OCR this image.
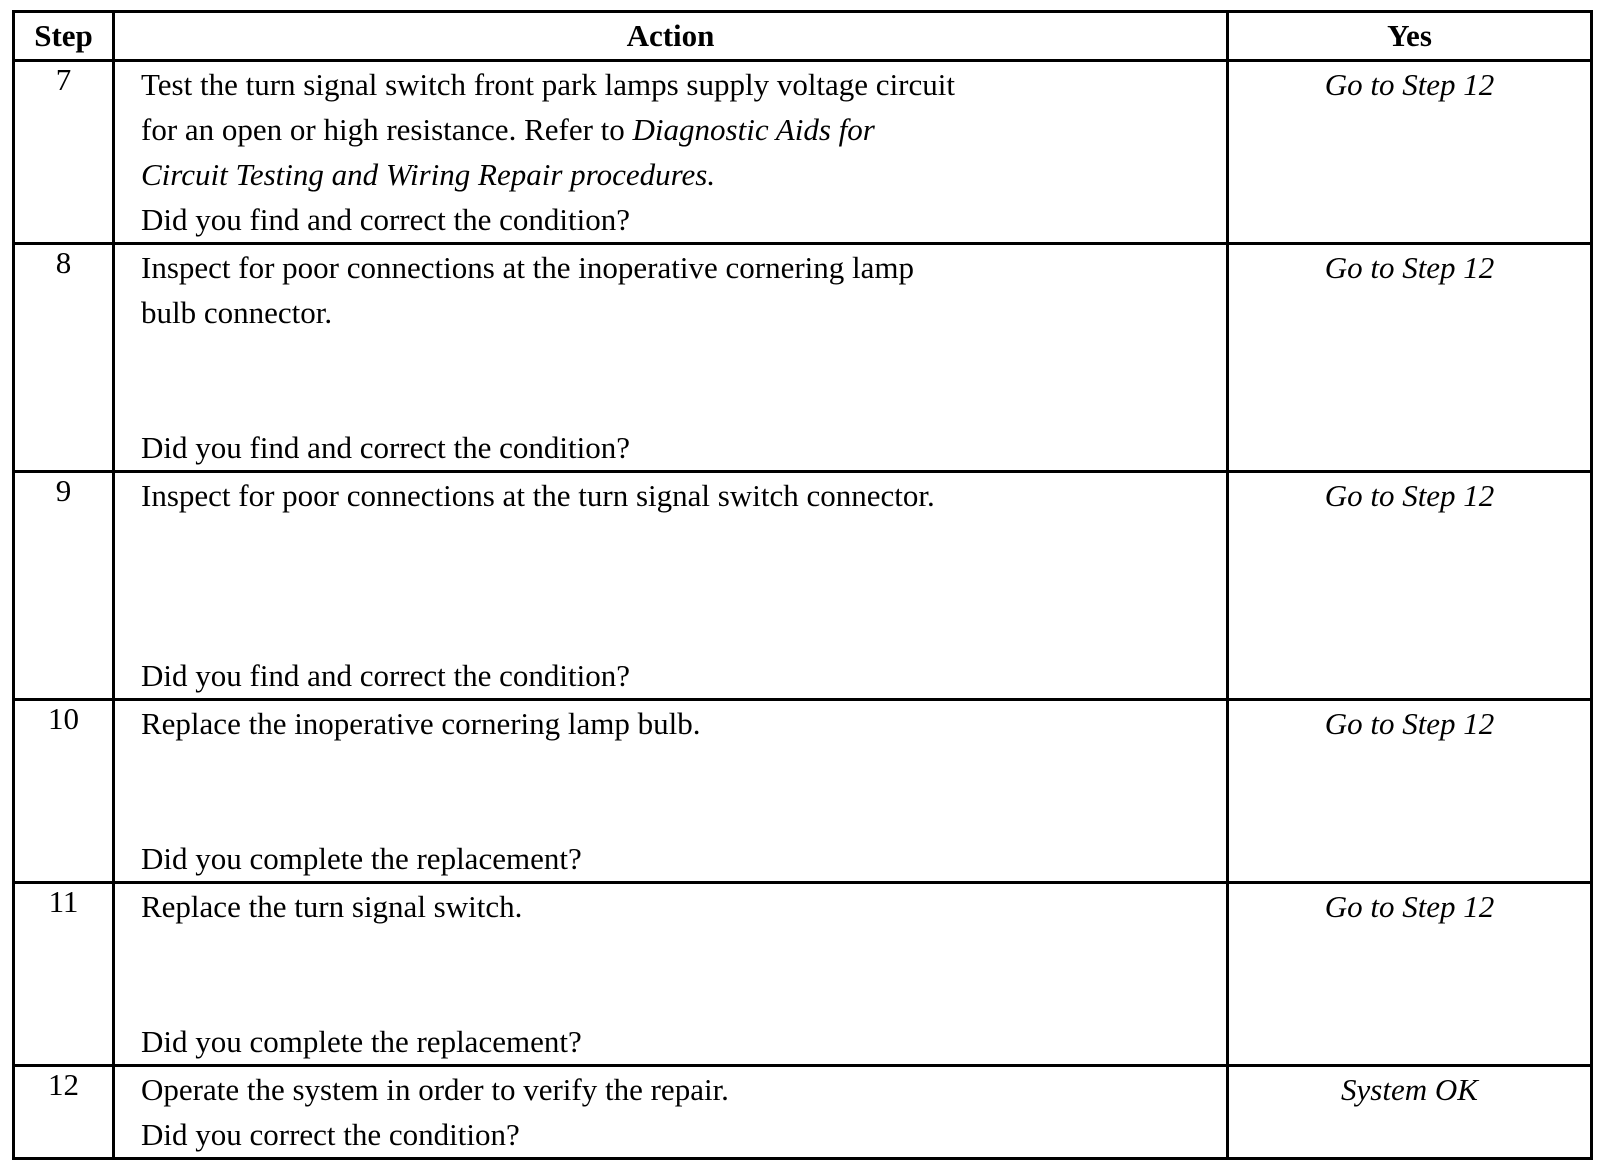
Step	Action	Yes
7	Test the turn signal switch front park lamps supply voltage circuit
for an open or high resistance. Refer to Diagnostic Aids for
Circuit Testing and Wiring Repair procedures.
Did you find and correct the condition?	Go to Step 12

8	Inspect for poor connections at the inoperative cornering lamp
bulb connector.
Did you find and correct the condition?	Go to Step 12

9	Inspect for poor connections at the turn signal switch connector.
Did you find and correct the condition?	Go to Step 12

10	Replace the inoperative cornering lamp bulb.
Did you complete the replacement?	Go to Step 12

11	Replace the turn signal switch.
Did you complete the replacement?	Go to Step 12

12	Operate the system in order to verify the repair.
Did you correct the condition?	System OK
